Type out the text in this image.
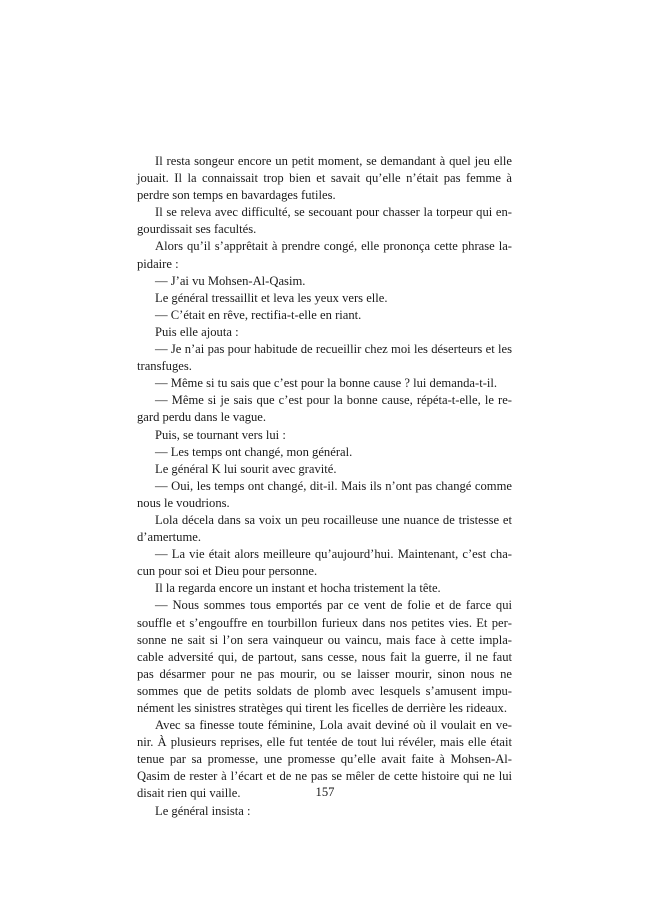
Il resta songeur encore un petit moment, se demandant à quel jeu elle jouait. Il la connaissait trop bien et savait qu’elle n’était pas femme à perdre son temps en bavardages futiles.

Il se releva avec difficulté, se secouant pour chasser la torpeur qui engourdissait ses facultés.

Alors qu’il s’apprêtait à prendre congé, elle prononça cette phrase lapidaire :

— J’ai vu Mohsen-Al-Qasim.

Le général tressaillit et leva les yeux vers elle.

— C’était en rêve, rectifia-t-elle en riant.

Puis elle ajouta :

— Je n’ai pas pour habitude de recueillir chez moi les déserteurs et les transfuges.

— Même si tu sais que c’est pour la bonne cause ? lui demanda-t-il.

— Même si je sais que c’est pour la bonne cause, répéta-t-elle, le regard perdu dans le vague.

Puis, se tournant vers lui :

— Les temps ont changé, mon général.

Le général K lui sourit avec gravité.

— Oui, les temps ont changé, dit-il. Mais ils n’ont pas changé comme nous le voudrions.

Lola décela dans sa voix un peu rocailleuse une nuance de tristesse et d’amertume.

— La vie était alors meilleure qu’aujourd’hui. Maintenant, c’est chacun pour soi et Dieu pour personne.

Il la regarda encore un instant et hocha tristement la tête.

— Nous sommes tous emportés par ce vent de folie et de farce qui souffle et s’engouffre en tourbillon furieux dans nos petites vies. Et personne ne sait si l’on sera vainqueur ou vaincu, mais face à cette implacable adversité qui, de partout, sans cesse, nous fait la guerre, il ne faut pas désarmer pour ne pas mourir, ou se laisser mourir, sinon nous ne sommes que de petits soldats de plomb avec lesquels s’amusent impunément les sinistres stratèges qui tirent les ficelles de derrière les rideaux.

Avec sa finesse toute féminine, Lola avait deviné où il voulait en venir. À plusieurs reprises, elle fut tentée de tout lui révéler, mais elle était tenue par sa promesse, une promesse qu’elle avait faite à Mohsen-Al-Qasim de rester à l’écart et de ne pas se mêler de cette histoire qui ne lui disait rien qui vaille.

Le général insista :

157
